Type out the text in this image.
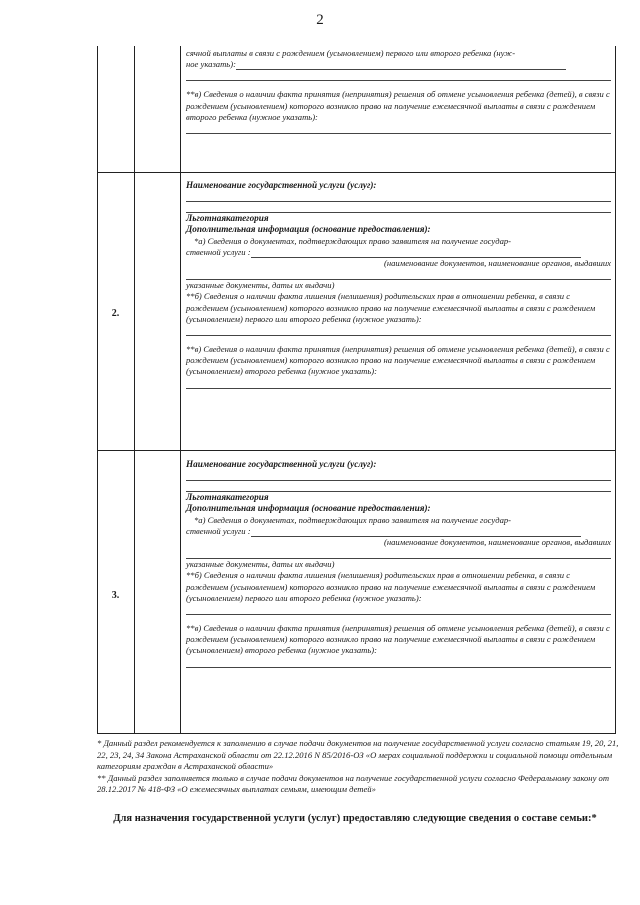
2
сячной выплаты в связи с рождением (усыновлением) первого или второго ребенка (нуж-
ное указать):
**в) Сведения о наличии факта принятия (непринятия) решения об отмене усыновления ребенка (детей), в связи с рождением (усыновлением) которого возникло право на получение ежемесячной выплаты в связи с рождением второго ребенка (нужное указать):
2.
Наименование государственной услуги (услуг):
Льготнаякатегория
Дополнительная информация (основание предоставления):
*а) Сведения о документах, подтверждающих право заявителя на получение государ-
ственной услуги :
(наименование документов, наименование органов, выдавших
указанные документы, даты их выдачи)
**б) Сведения о наличии факта лишения (нелишения) родительских прав в отношении ребенка, в связи с рождением (усыновлением) которого возникло право на получение ежемесячной выплаты в связи с рождением (усыновлением) первого или второго ребенка (нужное указать):
**в) Сведения о наличии факта принятия (непринятия) решения об отмене усыновления ребенка (детей), в связи с рождением (усыновлением) которого возникло право на получение ежемесячной выплаты в связи с рождением (усыновлением) второго ребенка (нужное указать):
3.
Наименование государственной услуги (услуг):
Льготнаякатегория
Дополнительная информация (основание предоставления):
*а) Сведения о документах, подтверждающих право заявителя на получение государ-
ственной услуги :
(наименование документов, наименование органов, выдавших
указанные документы, даты их выдачи)
**б) Сведения о наличии факта лишения (нелишения) родительских прав в отношении ребенка, в связи с рождением (усыновлением) которого возникло право на получение ежемесячной выплаты в связи с рождением (усыновлением) первого или второго ребенка (нужное указать):
**в) Сведения о наличии факта принятия (непринятия) решения об отмене усыновления ребенка (детей), в связи с рождением (усыновлением) которого возникло право на получение ежемесячной выплаты в связи с рождением (усыновлением) второго ребенка (нужное указать):
* Данный раздел рекомендуется к заполнению в случае подачи документов на получение государственной услуги согласно статьям 19, 20, 21, 22, 23, 24, 34 Закона Астраханской области от 22.12.2016 N 85/2016-ОЗ «О мерах социальной поддержки и социальной помощи отдельным категориям граждан в Астраханской области»
** Данный раздел заполняется только в случае подачи документов на получение государственной услуги согласно Федеральному закону от 28.12.2017 № 418-ФЗ «О ежемесячных выплатах семьям, имеющим детей»
Для назначения государственной услуги (услуг) предоставляю следующие сведения о составе семьи:*
